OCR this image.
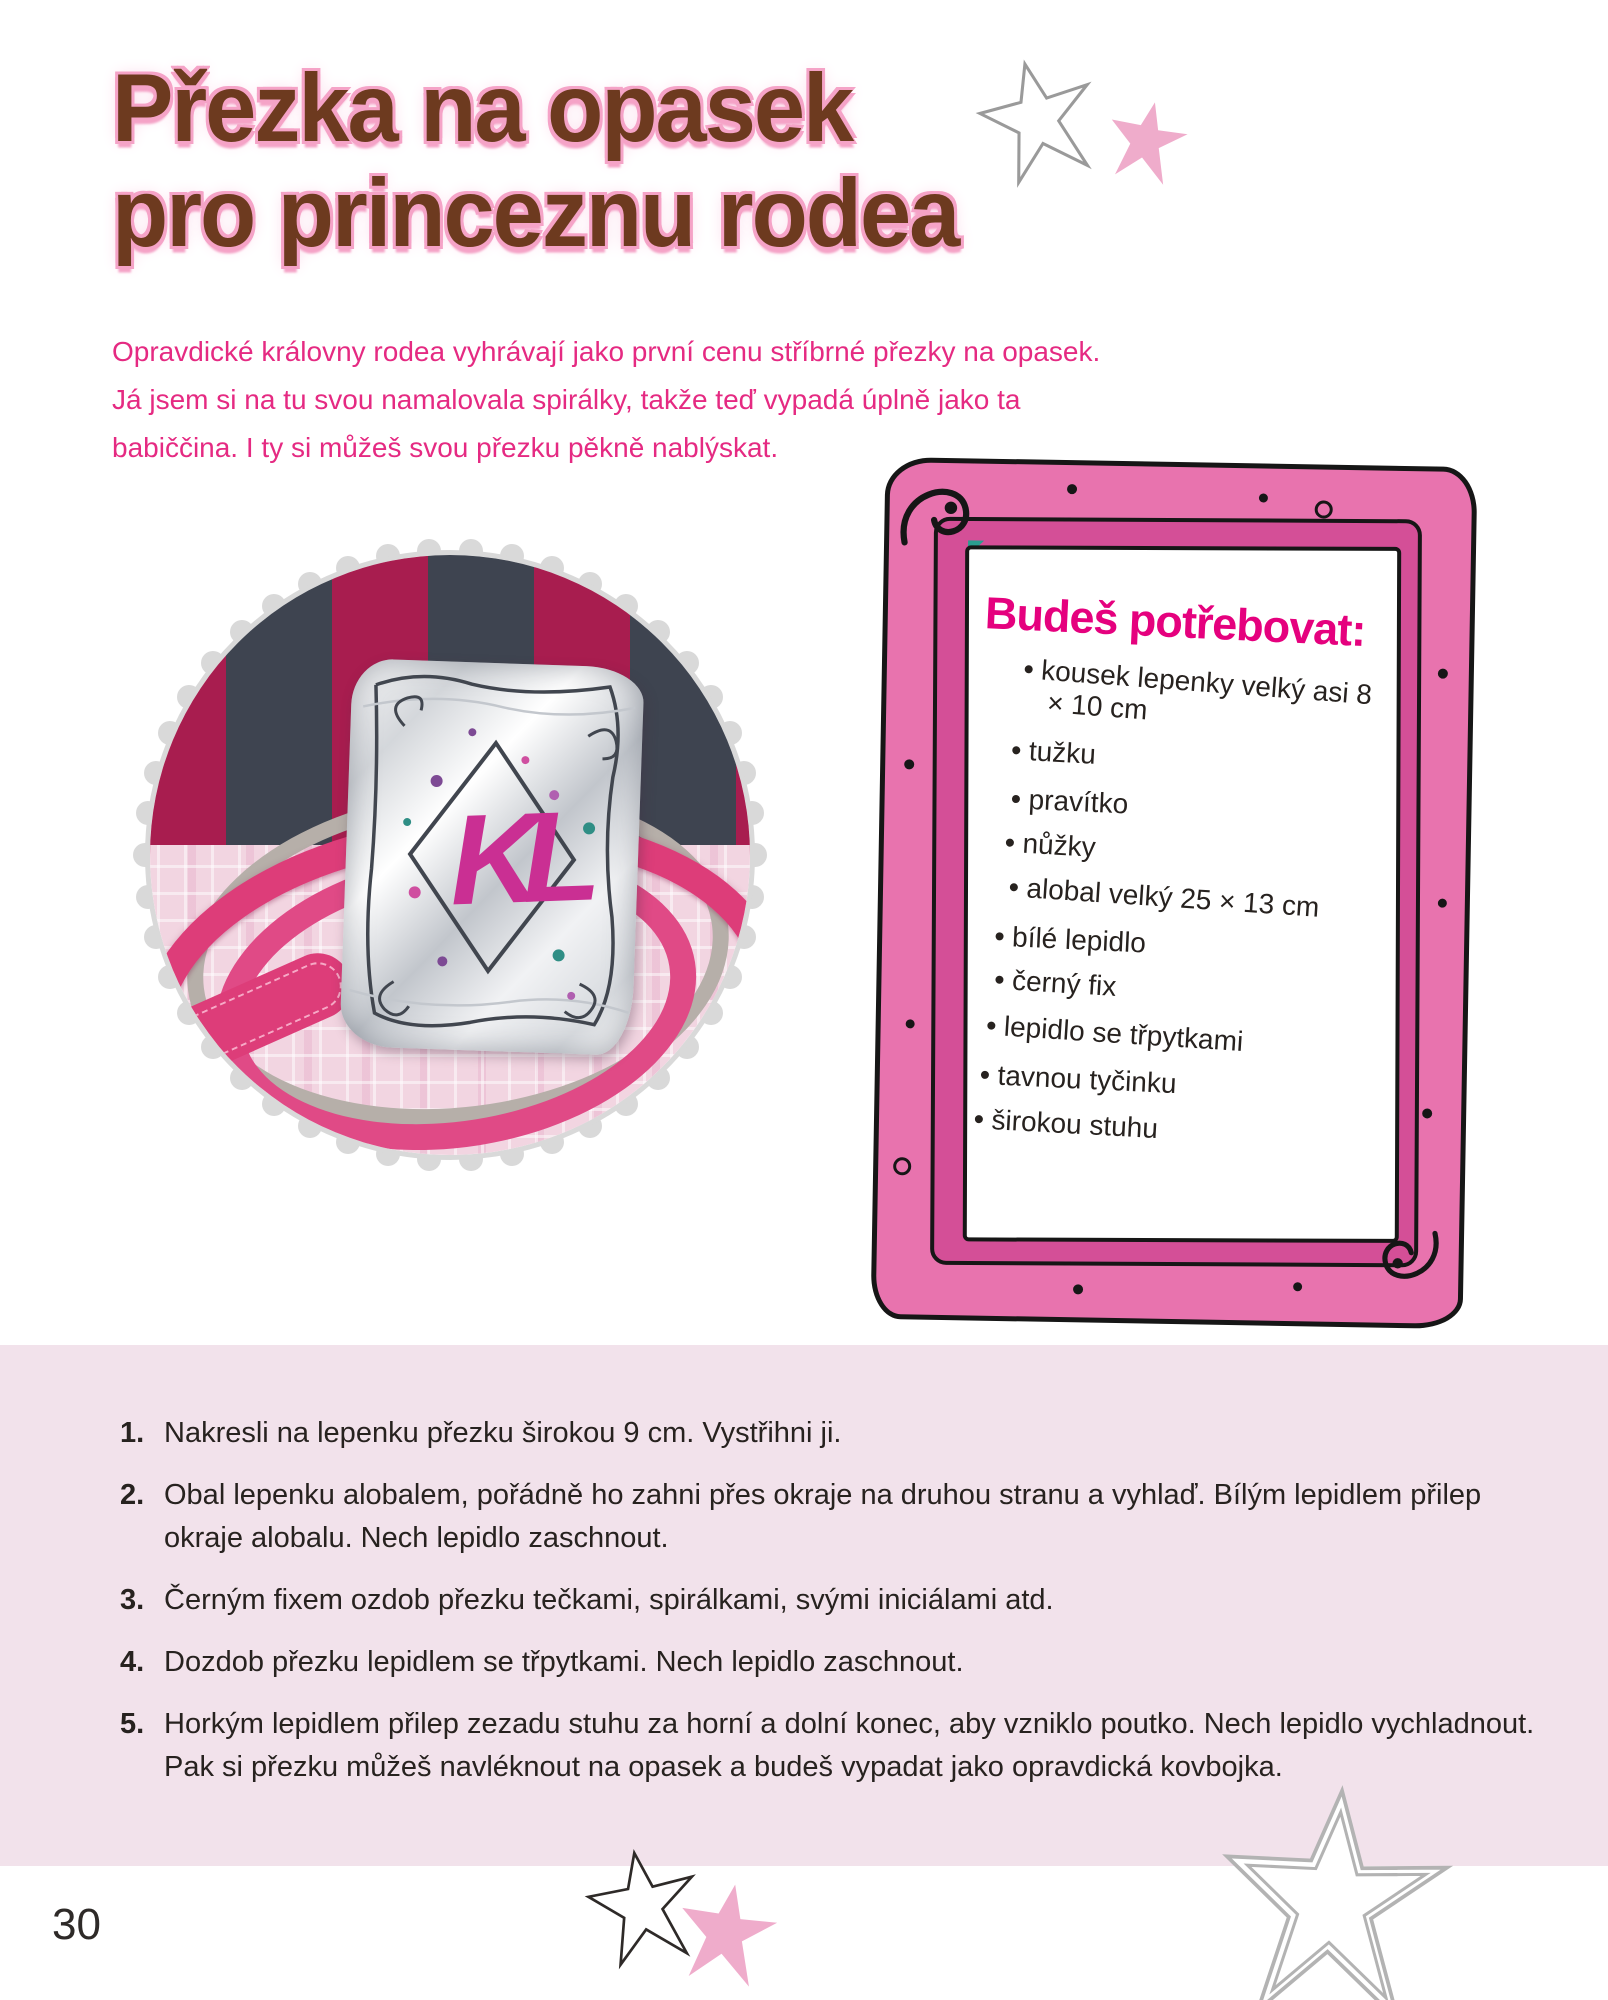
Přezka na opasek
pro princeznu rodea
Opravdické královny rodea vyhrávají jako první cenu stříbrné přezky na opasek.
Já jsem si na tu svou namalovala spirálky, takže teď vypadá úplně jako ta
babiččina. I ty si můžeš svou přezku pěkně nablýskat.
KL
Budeš potřebovat:
• kousek lepenky velký asi 8 × 10 cm
• tužku
• pravítko
• nůžky
• alobal velký 25 × 13 cm
• bílé lepidlo
• černý fix
• lepidlo se třpytkami
• tavnou tyčinku
• širokou stuhu
1. Nakresli na lepenku přezku širokou 9 cm. Vystřihni ji.
2. Obal lepenku alobalem, pořádně ho zahni přes okraje na druhou stranu a vyhlaď. Bílým lepidlem přilep okraje alobalu. Nech lepidlo zaschnout.
3. Černým fixem ozdob přezku tečkami, spirálkami, svými iniciálami atd.
4. Dozdob přezku lepidlem se třpytkami. Nech lepidlo zaschnout.
5. Horkým lepidlem přilep zezadu stuhu za horní a dolní konec, aby vzniklo poutko. Nech lepidlo vychladnout. Pak si přezku můžeš navléknout na opasek a budeš vypadat jako opravdická kovbojka.
30
